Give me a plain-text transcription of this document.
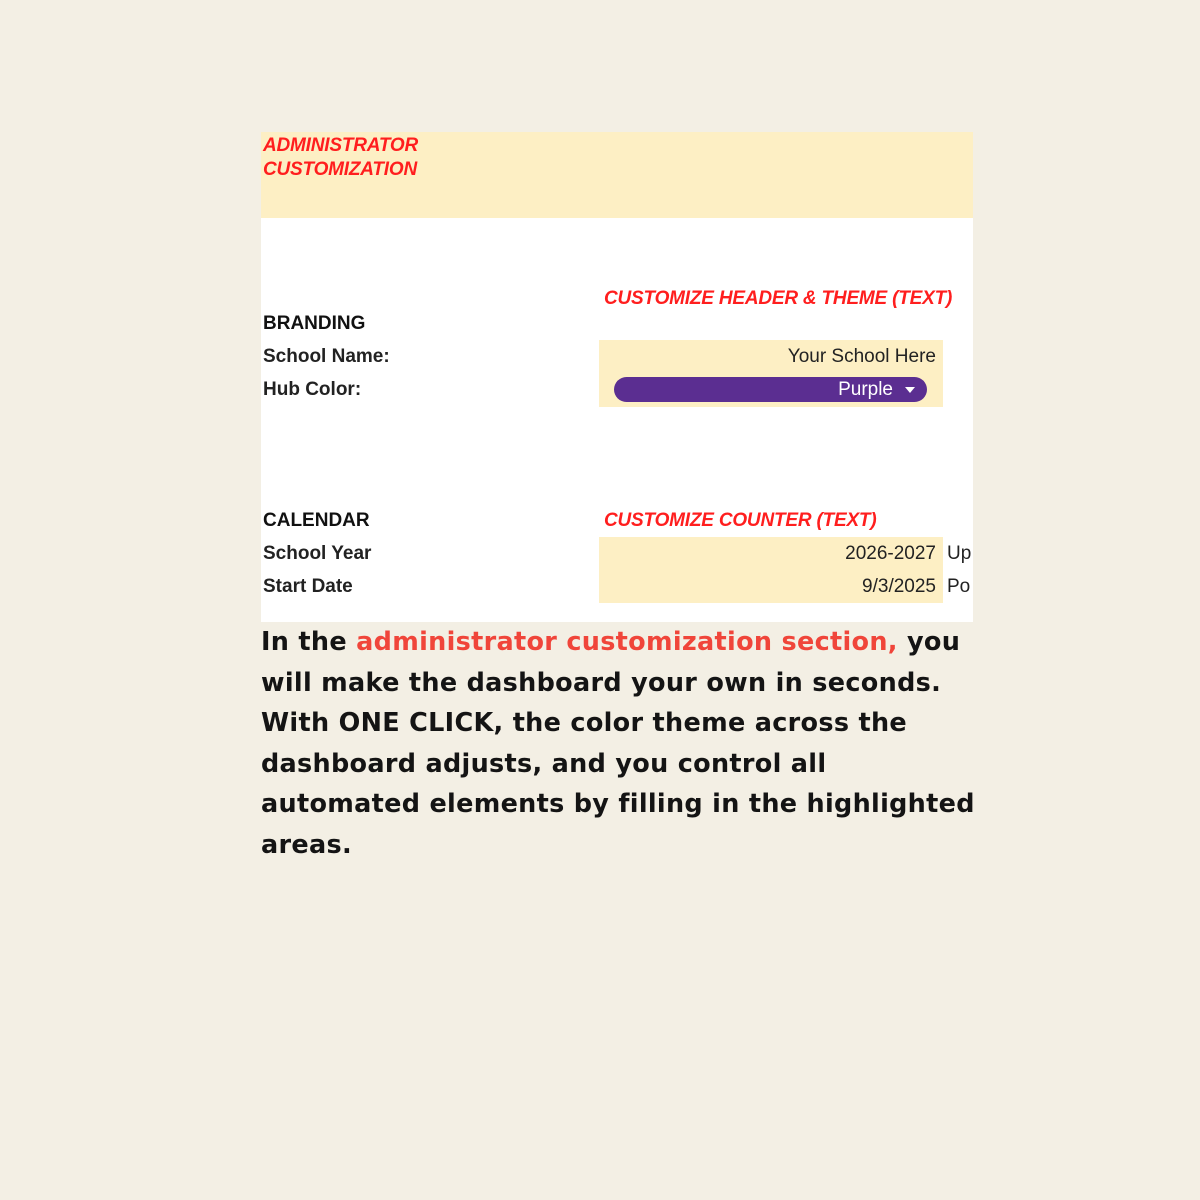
ADMINISTRATOR CUSTOMIZATION
CUSTOMIZE HEADER & THEME (TEXT)
BRANDING
School Name:	Your School Here
Hub Color:	Purple
CALENDAR	CUSTOMIZE COUNTER (TEXT)
School Year	2026-2027 Up
Start Date	9/3/2025 Po
In the administrator customization section, you will make the dashboard your own in seconds. With ONE CLICK, the color theme across the dashboard adjusts, and you control all automated elements by filling in the highlighted areas.
